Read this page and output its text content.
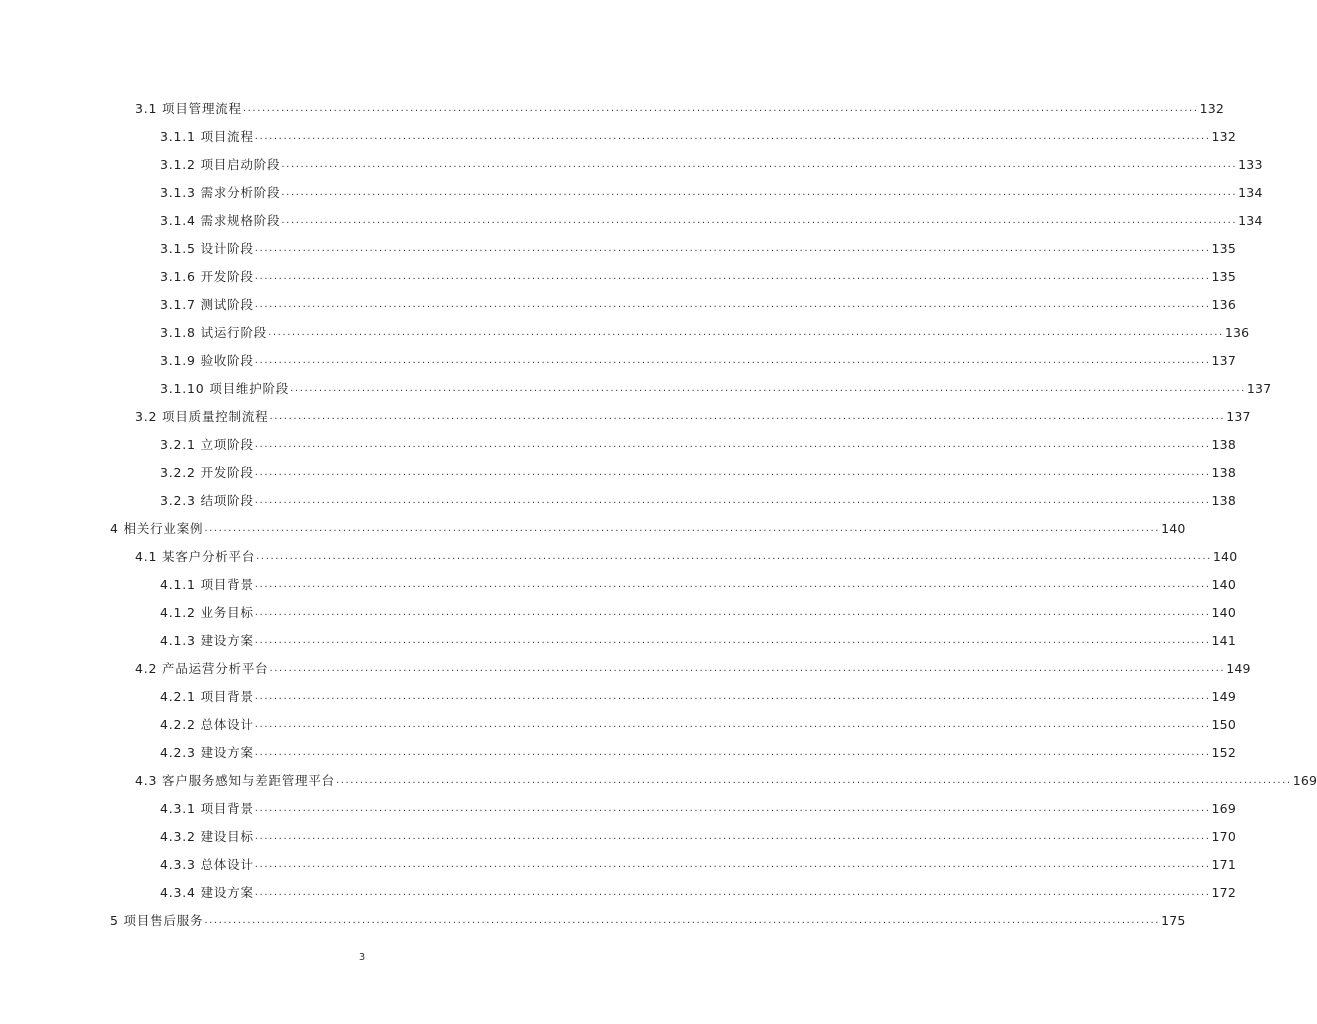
3.1 项目管理流程 ........................................................................................................................................................................................................ 132
3.1.1 项目流程 ........................................................................................................................................................................................................ 132
3.1.2 项目启动阶段 ........................................................................................................................................................................................................ 133
3.1.3 需求分析阶段 ........................................................................................................................................................................................................ 134
3.1.4 需求规格阶段 ........................................................................................................................................................................................................ 134
3.1.5 设计阶段 ........................................................................................................................................................................................................ 135
3.1.6 开发阶段 ........................................................................................................................................................................................................ 135
3.1.7 测试阶段 ........................................................................................................................................................................................................ 136
3.1.8 试运行阶段 ........................................................................................................................................................................................................ 136
3.1.9 验收阶段 ........................................................................................................................................................................................................ 137
3.1.10 项目维护阶段 ........................................................................................................................................................................................................ 137
3.2 项目质量控制流程 ........................................................................................................................................................................................................ 137
3.2.1 立项阶段 ........................................................................................................................................................................................................ 138
3.2.2 开发阶段 ........................................................................................................................................................................................................ 138
3.2.3 结项阶段 ........................................................................................................................................................................................................ 138
4 相关行业案例 ........................................................................................................................................................................................................ 140
4.1 某客户分析平台 ........................................................................................................................................................................................................ 140
4.1.1 项目背景 ........................................................................................................................................................................................................ 140
4.1.2 业务目标 ........................................................................................................................................................................................................ 140
4.1.3 建设方案 ........................................................................................................................................................................................................ 141
4.2 产品运营分析平台 ........................................................................................................................................................................................................ 149
4.2.1 项目背景 ........................................................................................................................................................................................................ 149
4.2.2 总体设计 ........................................................................................................................................................................................................ 150
4.2.3 建设方案 ........................................................................................................................................................................................................ 152
4.3 客户服务感知与差距管理平台 ........................................................................................................................................................................................................ 169
4.3.1 项目背景 ........................................................................................................................................................................................................ 169
4.3.2 建设目标 ........................................................................................................................................................................................................ 170
4.3.3 总体设计 ........................................................................................................................................................................................................ 171
4.3.4 建设方案 ........................................................................................................................................................................................................ 172
5 项目售后服务 ........................................................................................................................................................................................................ 175
3
